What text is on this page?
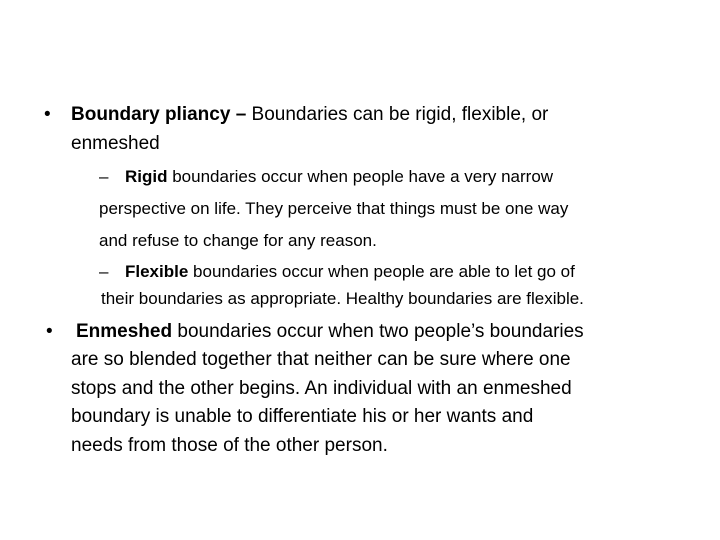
• Boundary pliancy – Boundaries can be rigid, flexible, or
enmeshed
– Rigid boundaries occur when people have a very narrow
perspective on life. They perceive that things must be one way
and refuse to change for any reason.
– Flexible boundaries occur when people are able to let go of
their boundaries as appropriate. Healthy boundaries are flexible.
• Enmeshed boundaries occur when two people’s boundaries
are so blended together that neither can be sure where one
stops and the other begins. An individual with an enmeshed
boundary is unable to differentiate his or her wants and
needs from those of the other person.
